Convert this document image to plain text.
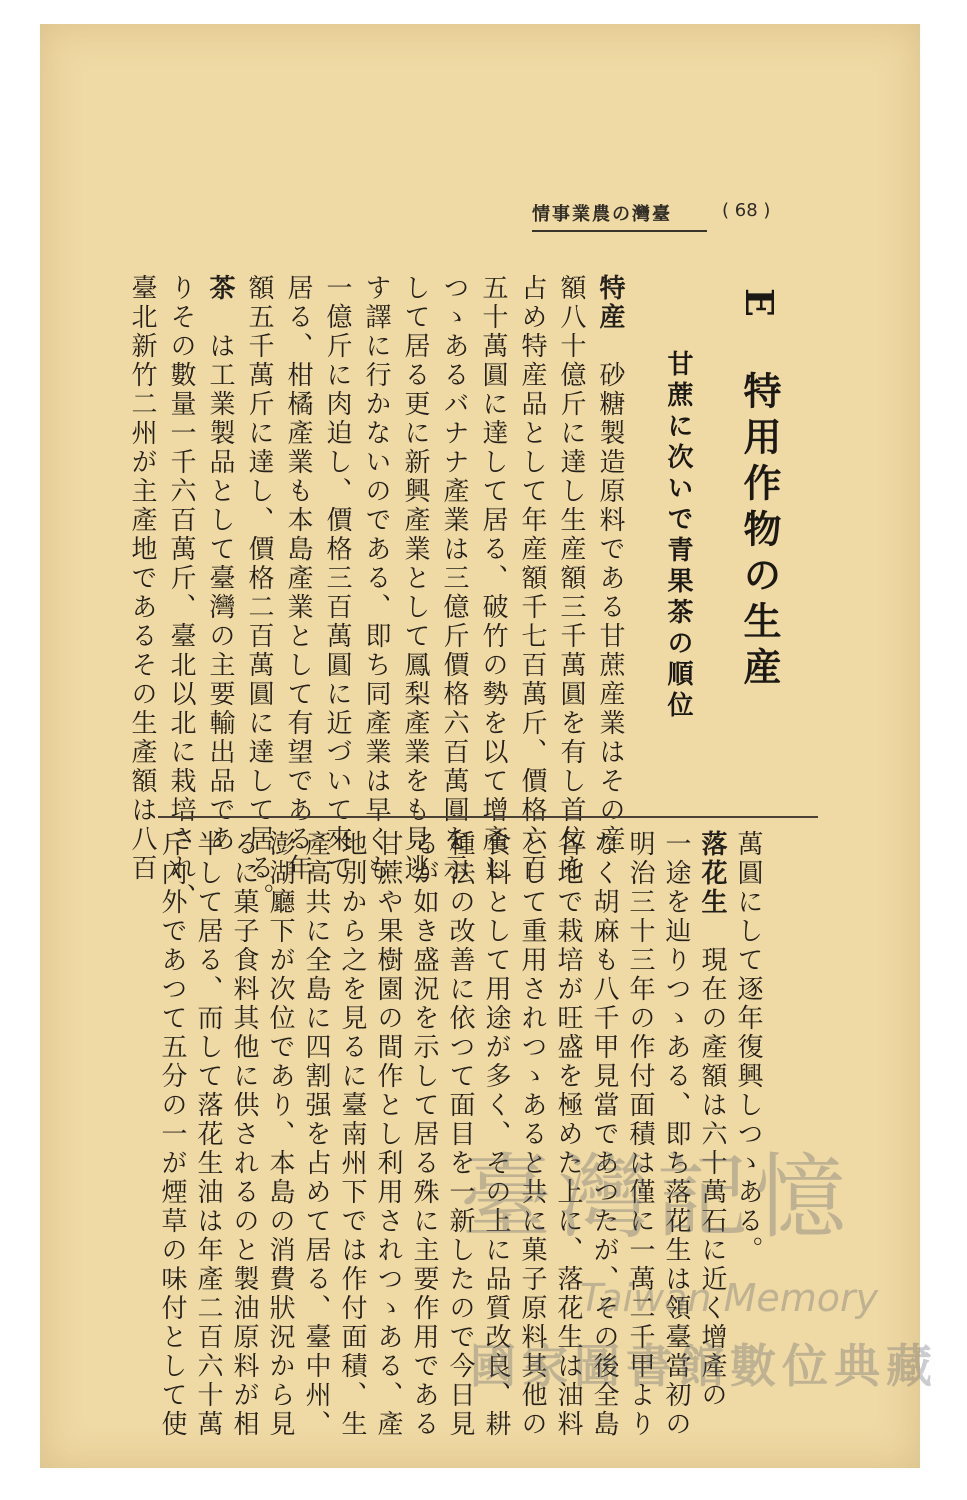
情事業農の灣臺	( 68 )
E　特用作物の生産
甘蔗に次いで青果茶の順位
特産　砂糖製造原料である甘蔗産業はその産
額八十億斤に達し生産額三千萬圓を有し首位を
占め特産品として年産額千七百萬斤、價格六百
五十萬圓に達して居る、破竹の勢を以て增產し
つゝあるバナナ產業は三億斤價格六百萬圓を示
して居る更に新興產業として鳳梨產業をも見逃
す譯に行かないのである、即ち同產業は早くも
一億斤に肉迫し、價格三百萬圓に近づいて來て
居る、柑橘產業も本島產業として有望である年
額五千萬斤に達し、價格二百萬圓に達して居る。
茶　は工業製品として臺灣の主要輸出品であ
りその數量一千六百萬斤、臺北以北に栽培され、
臺北新竹二州が主產地であるその生產額は八百
萬圓にして逐年復興しつゝある。
落花生　現在の產額は六十萬石に近く增產の
一途を辿りつゝある、即ち落花生は領臺當初の
明治三十三年の作付面積は僅に一萬二千甲より
なく胡麻も八千甲見當であつたが、その後全島
各地で栽培が旺盛を極めた上に、落花生は油料
として重用されつゝあると共に菓子原料其他の
食料として用途が多く、その上に品質改良、耕
種法の改善に依つて面目を一新したので今日見
るが如き盛況を示して居る殊に主要作用である
甘蔗や果樹園の間作とし利用されつゝある、產
地別から之を見るに臺南州下では作付面積、生
產高共に全島に四割强を占めて居る、臺中州、
澎湖廳下が次位であり、本島の消費狀況から見
るに菓子食料其他に供されるのと製油原料が相
半して居る、而して落花生油は年產二百六十萬
斤內外であつて五分の一が煙草の味付として使	臺灣記憶
Taiwan Memory
國家圖書館數位典藏
